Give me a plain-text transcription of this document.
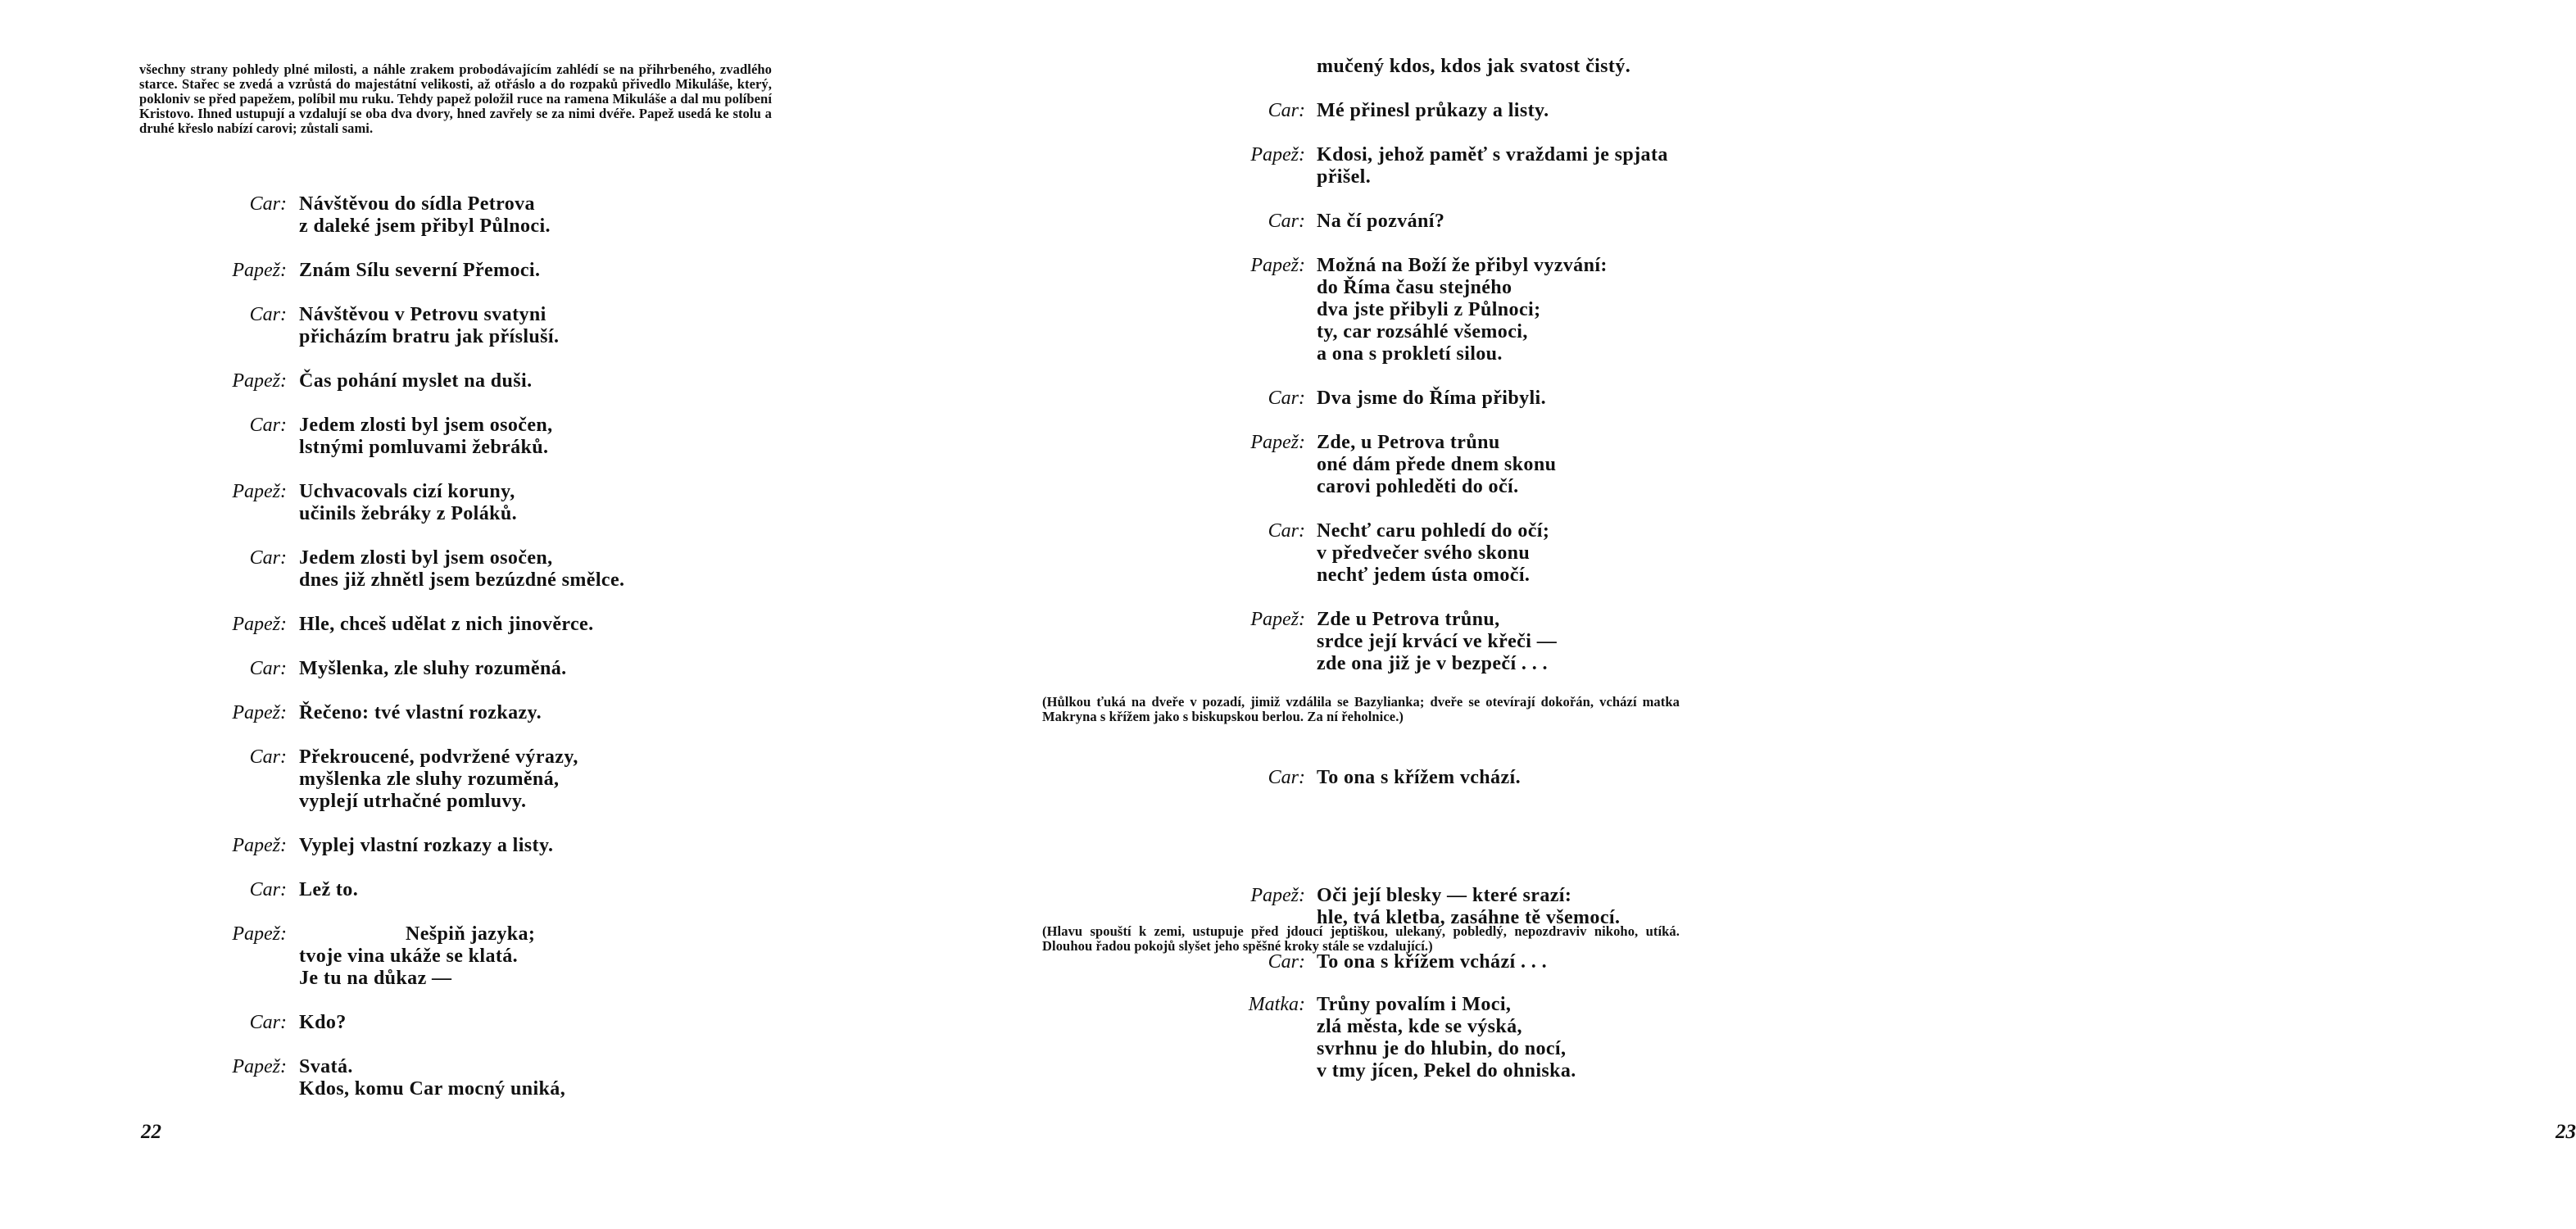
všechny strany pohledy plné milosti, a náhle zrakem probodávajícím zahlédí se na přihrbeného, zvadlého starce. Stařec se zvedá a vzrůstá do majestátní velikosti, až otřáslo a do rozpaků přivedlo Mikuláše, který, pokloniv se před papežem, políbil mu ruku. Tehdy papež položil ruce na ramena Mikuláše a dal mu políbení Kristovo. Ihned ustupují a vzdalují se oba dva dvory, hned zavřely se za nimi dvéře. Papež usedá ke stolu a druhé křeslo nabízí carovi; zůstali sami.

Car: Návštěvou do sídla Petrova
z daleké jsem přibyl Půlnoci.
Papež: Znám Sílu severní Přemoci.
Car: Návštěvou v Petrovu svatyni
přicházím bratru jak přísluší.
Papež: Čas pohání myslet na duši.
Car: Jedem zlosti byl jsem osočen,
lstnými pomluvami žebráků.
Papež: Uchvacovals cizí koruny,
učinils žebráky z Poláků.
Car: Jedem zlosti byl jsem osočen,
dnes již zhnětl jsem bezúzdné smělce.
Papež: Hle, chceš udělat z nich jinověrce.
Car: Myšlenka, zle sluhy rozuměná.
Papež: Řečeno: tvé vlastní rozkazy.
Car: Překroucené, podvržené výrazy,
myšlenka zle sluhy rozuměná,
vyplejí utrhačné pomluvy.
Papež: Vyplej vlastní rozkazy a listy.
Car: Lež to.
Papež:	Nešpiň jazyka;
tvoje vina ukáže se klatá.
Je tu na důkaz —
Car: Kdo?
Papež: Svatá.
Kdos, komu Car mocný uniká,
22	23
mučený kdos, kdos jak svatost čistý.
Car: Mé přinesl průkazy a listy.
Papež: Kdosi, jehož paměť s vraždami je spjata
přišel.
Car: Na čí pozvání?
Papež: Možná na Boží že přibyl vyzvání:
do Říma času stejného
dva jste přibyli z Půlnoci;
ty, car rozsáhlé všemoci,
a ona s prokletí silou.
Car: Dva jsme do Říma přibyli.
Papež: Zde, u Petrova trůnu
oné dám přede dnem skonu
carovi pohleděti do očí.
Car: Nechť caru pohledí do očí;
v předvečer svého skonu
nechť jedem ústa omočí.
Papež: Zde u Petrova trůnu,
srdce její krvácí ve křeči —
zde ona již je v bezpečí . . .

(Hůlkou ťuká na dveře v pozadí, jimiž vzdálila se Bazylianka; dveře se otevírají dokořán, vchází matka Makryna s křížem jako s biskupskou berlou. Za ní řeholnice.)

Car: To ona s křížem vchází.
Papež: Oči její blesky — které srazí:
hle, tvá kletba, zasáhne tě všemocí.
Car: To ona s křížem vchází . . .

(Hlavu spouští k zemi, ustupuje před jdoucí jeptiškou, ulekaný, pobledlý, nepozdraviv nikoho, utíká. Dlouhou řadou pokojů slyšet jeho spěšné kroky stále se vzdalující.)

Matka: Trůny povalím i Moci,
zlá města, kde se výská,
svrhnu je do hlubin, do nocí,
v tmy jícen, Pekel do ohniska.
